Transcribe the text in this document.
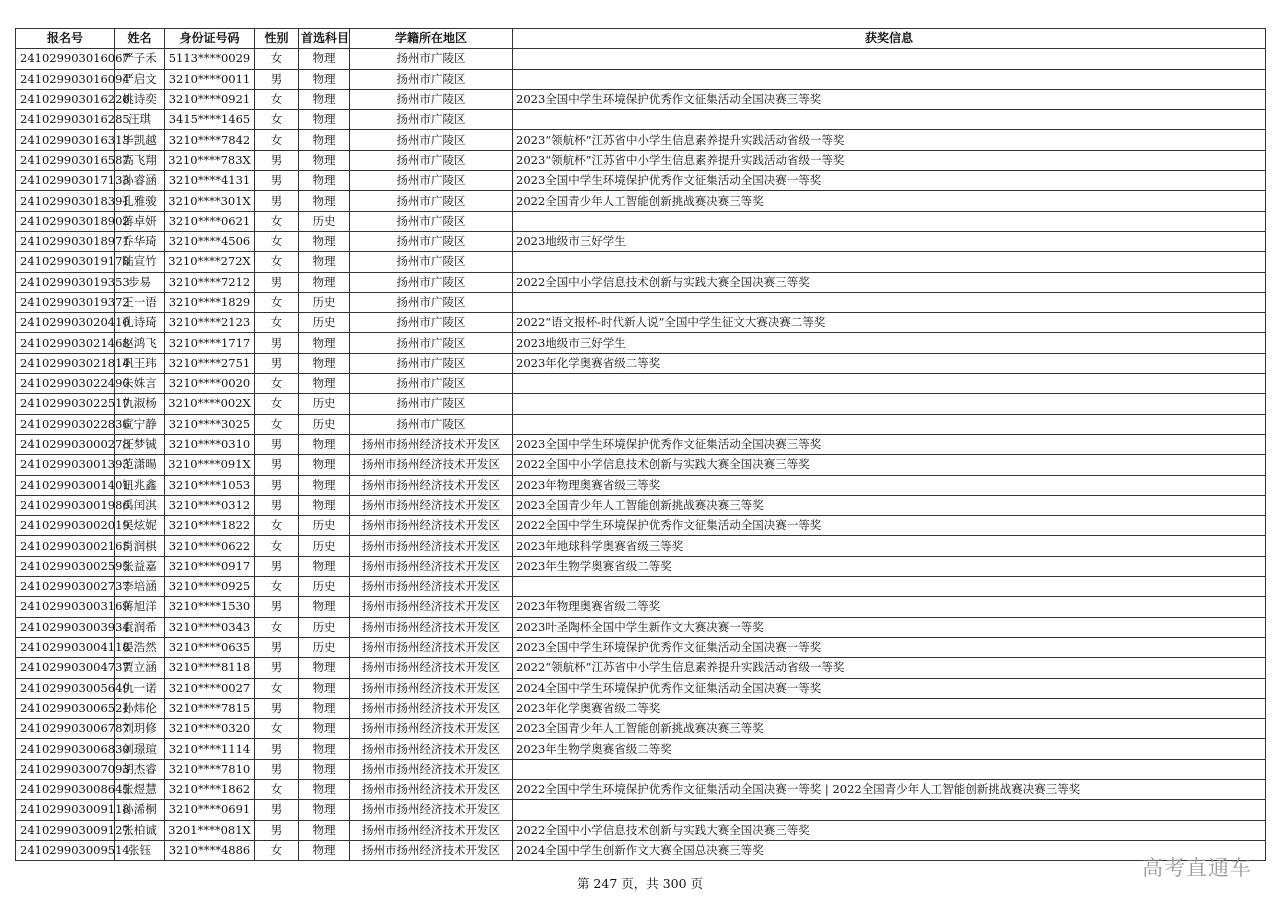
报名号	姓名	身份证号码	性别	首选科目	学籍所在地区	获奖信息
241029903016067	严子禾	5113****0029	女	物理	扬州市广陵区	
241029903016094	严启文	3210****0011	男	物理	扬州市广陵区	
241029903016226	姚诗奕	3210****0921	女	物理	扬州市广陵区	2023全国中学生环境保护优秀作文征集活动全国决赛三等奖
241029903016285	汪琪	3415****1465	女	物理	扬州市广陵区	
241029903016313	毕凯越	3210****7842	女	物理	扬州市广陵区	2023“领航杯”江苏省中小学生信息素养提升实践活动省级一等奖
241029903016587	高飞翔	3210****783X	男	物理	扬州市广陵区	2023“领航杯”江苏省中小学生信息素养提升实践活动省级一等奖
241029903017133	孙睿涵	3210****4131	男	物理	扬州市广陵区	2023全国中学生环境保护优秀作文征集活动全国决赛一等奖
241029903018391	孔雅骏	3210****301X	男	物理	扬州市广陵区	2022全国青少年人工智能创新挑战赛决赛三等奖
241029903018902	蒋卓妍	3210****0621	女	历史	扬州市广陵区	
241029903018971	乔华琦	3210****4506	女	物理	扬州市广陵区	2023地级市三好学生
241029903019178	陆宣竹	3210****272X	女	物理	扬州市广陵区	
241029903019353	步易	3210****7212	男	物理	扬州市广陵区	2022全国中小学信息技术创新与实践大赛全国决赛三等奖
241029903019372	王一语	3210****1829	女	历史	扬州市广陵区	
241029903020410	孔诗琦	3210****2123	女	历史	扬州市广陵区	2022“语文报杯-时代新人说”全国中学生征文大赛决赛二等奖
241029903021468	赵鸿飞	3210****1717	男	物理	扬州市广陵区	2023地级市三好学生
241029903021814	巩王玮	3210****2751	男	物理	扬州市广陵区	2023年化学奥赛省级二等奖
241029903022490	朱姝言	3210****0020	女	物理	扬州市广陵区	
241029903022517	仇淑杨	3210****002X	女	历史	扬州市广陵区	
241029903022836	宣宁静	3210****3025	女	历史	扬州市广陵区	
241029903000278	汪梦铖	3210****0310	男	物理	扬州市扬州经济技术开发区	2023全国中学生环境保护优秀作文征集活动全国决赛三等奖
241029903001393	范潇暘	3210****091X	男	物理	扬州市扬州经济技术开发区	2022全国中小学信息技术创新与实践大赛全国决赛三等奖
241029903001401	钮兆鑫	3210****1053	男	物理	扬州市扬州经济技术开发区	2023年物理奥赛省级三等奖
241029903001986	禹闰淇	3210****0312	男	物理	扬州市扬州经济技术开发区	2023全国青少年人工智能创新挑战赛决赛三等奖
241029903002019	吴炫妮	3210****1822	女	历史	扬州市扬州经济技术开发区	2022全国中学生环境保护优秀作文征集活动全国决赛一等奖
241029903002165	肖润棋	3210****0622	女	历史	扬州市扬州经济技术开发区	2023年地球科学奥赛省级三等奖
241029903002595	张益嘉	3210****0917	男	物理	扬州市扬州经济技术开发区	2023年生物学奥赛省级二等奖
241029903002737	李培涵	3210****0925	女	历史	扬州市扬州经济技术开发区	
241029903003169	蒋旭洋	3210****1530	男	物理	扬州市扬州经济技术开发区	2023年物理奥赛省级二等奖
241029903003934	袁润希	3210****0343	女	历史	扬州市扬州经济技术开发区	2023叶圣陶杯全国中学生新作文大赛决赛一等奖
241029903004118	晏浩然	3210****0635	男	历史	扬州市扬州经济技术开发区	2023全国中学生环境保护优秀作文征集活动全国决赛一等奖
241029903004737	贾立涵	3210****8118	男	物理	扬州市扬州经济技术开发区	2022“领航杯”江苏省中小学生信息素养提升实践活动省级一等奖
241029903005649	仇一诺	3210****0027	女	物理	扬州市扬州经济技术开发区	2024全国中学生环境保护优秀作文征集活动全国决赛一等奖
241029903006521	孙炜伦	3210****7815	男	物理	扬州市扬州经济技术开发区	2023年化学奥赛省级二等奖
241029903006787	刘玥修	3210****0320	女	物理	扬州市扬州经济技术开发区	2023全国青少年人工智能创新挑战赛决赛三等奖
241029903006830	刘璟瑄	3210****1114	男	物理	扬州市扬州经济技术开发区	2023年生物学奥赛省级二等奖
241029903007093	胡杰睿	3210****7810	男	物理	扬州市扬州经济技术开发区	
241029903008645	张煜慧	3210****1862	女	物理	扬州市扬州经济技术开发区	2022全国中学生环境保护优秀作文征集活动全国决赛一等奖 | 2022全国青少年人工智能创新挑战赛决赛三等奖
241029903009118	孙浠桐	3210****0691	男	物理	扬州市扬州经济技术开发区	
241029903009127	张柏诚	3201****081X	男	物理	扬州市扬州经济技术开发区	2022全国中小学信息技术创新与实践大赛全国决赛三等奖
241029903009514	张钰	3210****4886	女	物理	扬州市扬州经济技术开发区	2024全国中学生创新作文大赛全国总决赛三等奖
第 247 页，共 300 页
高考直通车
